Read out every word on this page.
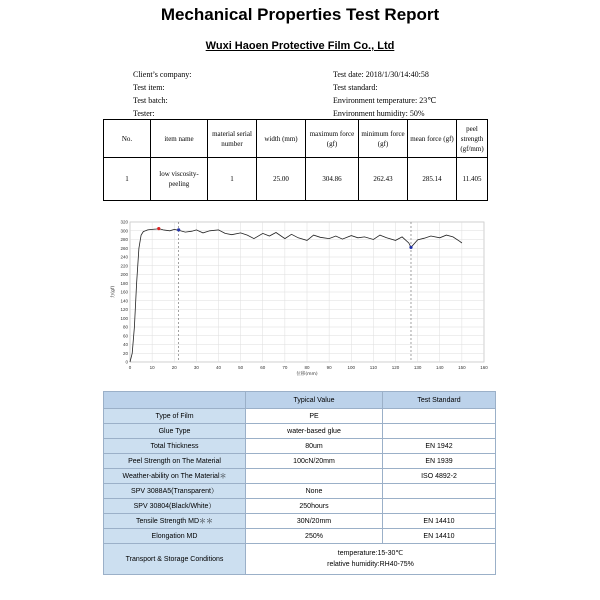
Mechanical Properties Test Report
Wuxi Haoen Protective Film Co., Ltd
Client’s company:
Test item:
Test batch:
Tester:
Test date: 2018/1/30/14:40:58
Test standard:
Environment temperature: 23℃
Environment humidity: 50%
No.	item name	material serial number	width (mm)	maximum force (gf)	minimum force (gf)	mean force (gf)	peel strength (gf/mm)
1	low viscosity-peeling	1	25.00	304.86	262.43	285.14	11.405
0
20
40
60
80
100
120
140
160
180
200
220
240
260
280
300
320
0	10	20	30	40	50	60	70	80	90	100	110	120	130	140	150	160
位移(mm)
力(gf)
	Typical Value	Test Standard
Type of Film	PE	
Glue Type	water-based glue	
Total Thickness	80um	EN 1942
Peel Strength on The Material	100cN/20mm	EN 1939
Weather-ability on The Material＊		ISO 4892-2
SPV 3088A5(Transparent）	None	
SPV 30804(Black/White）	250hours	
Tensile Strength MD＊＊	30N/20mm	EN 14410
Elongation MD	250%	EN 14410
Transport & Storage Conditions	temperature:15-30℃
relative humidity:RH40-75%	
